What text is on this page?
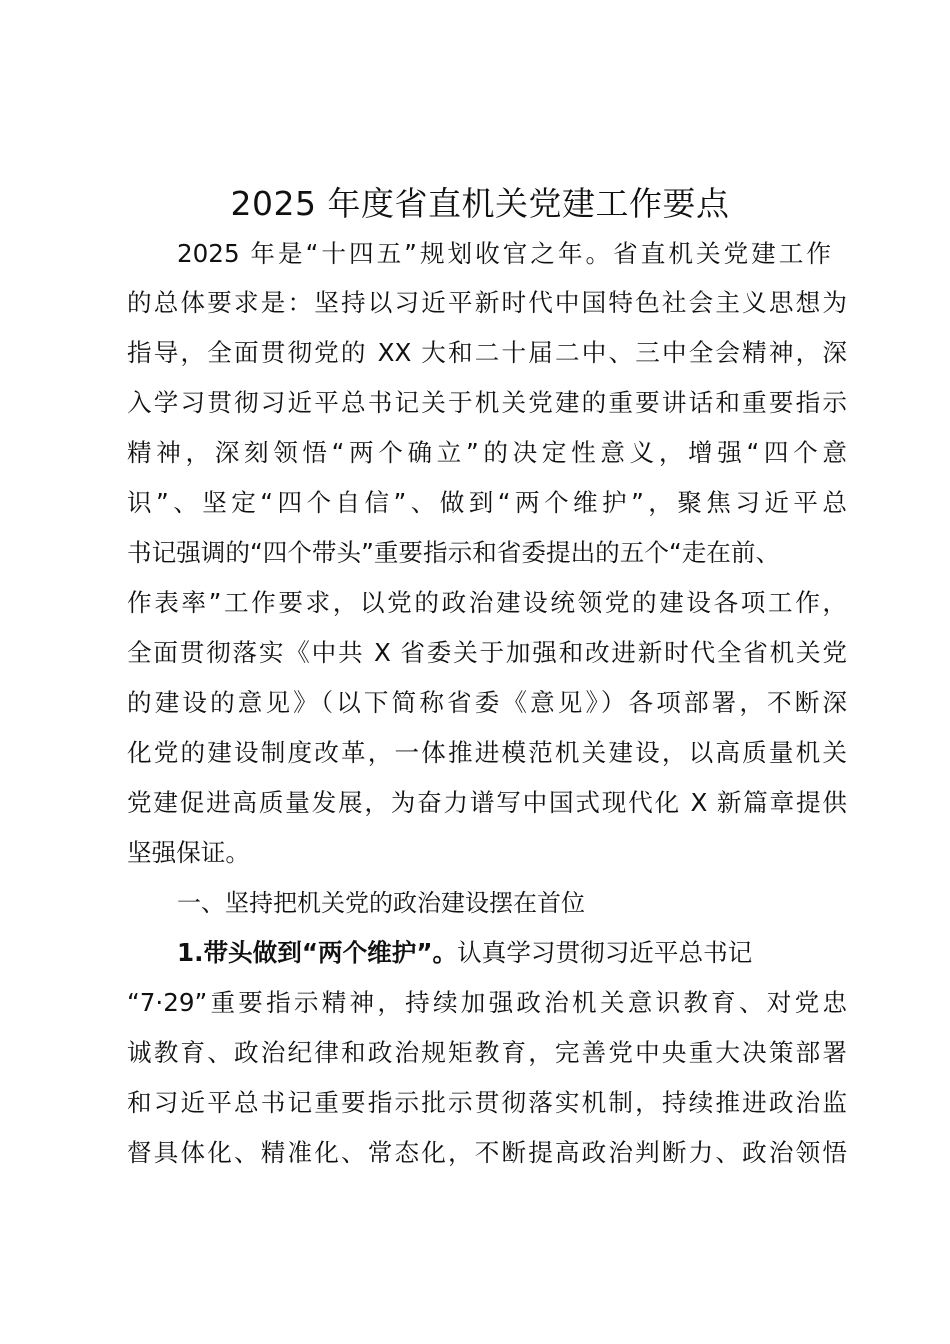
2025 年度省直机关党建工作要点

2025 年是“十四五”规划收官之年。省直机关党建工作

的总体要求是：坚持以习近平新时代中国特色社会主义思想为

指导，全面贯彻党的 XX 大和二十届二中、三中全会精神，深

入学习贯彻习近平总书记关于机关党建的重要讲话和重要指示

精神，深刻领悟“两个确立”的决定性意义，增强“四个意

识”、坚定“四个自信”、做到“两个维护”，聚焦习近平总

书记强调的“四个带头”重要指示和省委提出的五个“走在前、

作表率”工作要求，以党的政治建设统领党的建设各项工作，

全面贯彻落实《中共 X 省委关于加强和改进新时代全省机关党

的建设的意见》（以下简称省委《意见》）各项部署，不断深

化党的建设制度改革，一体推进模范机关建设，以高质量机关

党建促进高质量发展，为奋力谱写中国式现代化 X 新篇章提供

坚强保证。

一、坚持把机关党的政治建设摆在首位

1.带头做到“两个维护”。认真学习贯彻习近平总书记

“7·29”重要指示精神，持续加强政治机关意识教育、对党忠

诚教育、政治纪律和政治规矩教育，完善党中央重大决策部署

和习近平总书记重要指示批示贯彻落实机制，持续推进政治监

督具体化、精准化、常态化，不断提高政治判断力、政治领悟
